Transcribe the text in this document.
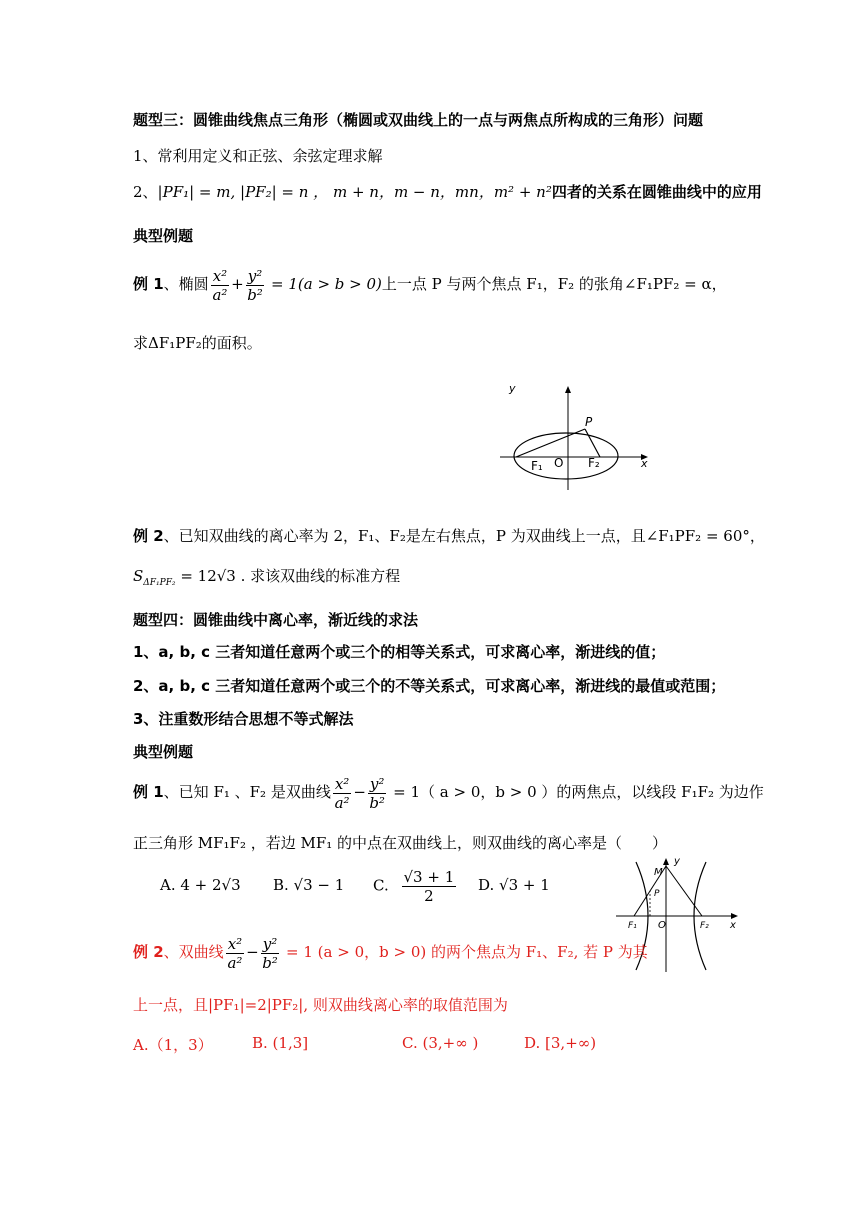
题型三：圆锥曲线焦点三角形（椭圆或双曲线上的一点与两焦点所构成的三角形）问题
1、常利用定义和正弦、余弦定理求解
2、|PF₁| = m, |PF₂| = n ， m + n，m − n，mn，m² + n²四者的关系在圆锥曲线中的应用
典型例题
例 1、椭圆 $\frac{\text{x²}}{\text{a²}} + \frac{\text{y²}}{\text{b²}} = 1(a > b > 0)$上一点 P 与两个焦点 F₁，F₂ 的张角∠F₁PF₂ = α，
求ΔF₁PF₂的面积。
y
P
F₁ O F₂	x
例 2、已知双曲线的离心率为 2，F₁、F₂是左右焦点，P 为双曲线上一点，且∠F₁PF₂ = 60°，
$S_{\Delta F_1PF_2} = 12√3$ . 求该双曲线的标准方程
题型四：圆锥曲线中离心率，渐近线的求法
1、a, b, c 三者知道任意两个或三个的相等关系式，可求离心率，渐进线的值；
2、a, b, c 三者知道任意两个或三个的不等关系式，可求离心率，渐进线的最值或范围；
3、注重数形结合思想不等式解法
典型例题
例 1、已知 F₁ 、F₂ 是双曲线 $\frac{\text{x²}}{\text{a²}} - \frac{\text{y²}}{\text{b²}} = 1$（ a > 0，b > 0 ）的两焦点，以线段 F₁F₂ 为边作
正三角形 MF₁F₂ ，若边 MF₁ 的中点在双曲线上，则双曲线的离心率是（　　）
A. 4 + 2√3 B. √3 − 1 C. $\frac{√3 + 1}{2} D$. √3 + 1
y
M
P
F₁ O	F₂ x
例 2、双曲线 $\frac{\text{x²}}{\text{a²}} - \frac{\text{y²}}{\text{b²}} = 1$ (a > 0，b > 0) 的两个焦点为 F₁、F₂, 若 P 为其
上一点，且|PF₁|=2|PF₂|, 则双曲线离心率的取值范围为
A.（1，3）	B. (1,3]	C. (3,+∞ )	D. [3,+∞)
